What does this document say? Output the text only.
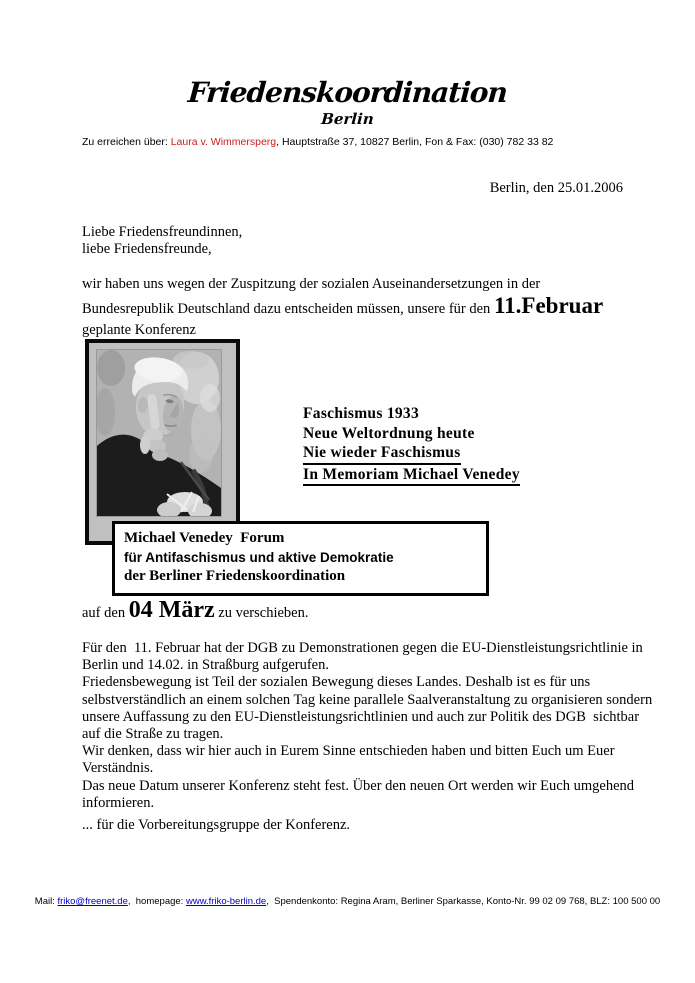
Friedenskoordination
Berlin
Zu erreichen über: Laura v. Wimmersperg, Hauptstraße 37, 10827 Berlin, Fon & Fax: (030) 782 33 82
Berlin, den 25.01.2006
Liebe Friedensfreundinnen,
liebe Friedensfreunde,
wir haben uns wegen der Zuspitzung der sozialen Auseinandersetzungen in der
Bundesrepublik Deutschland dazu entscheiden müssen, unsere für den 11.Februar
geplante Konferenz
Faschismus 1933
Neue Weltordnung heute
Nie wieder Faschismus
In Memoriam Michael Venedey
Michael Venedey  Forum
für Antifaschismus und aktive Demokratie
der Berliner Friedenskoordination
auf den 04 März zu verschieben.
Für den  11. Februar hat der DGB zu Demonstrationen gegen die EU-Dienstleistungsrichtlinie in Berlin und 14.02. in Straßburg aufgerufen.
Friedensbewegung ist Teil der sozialen Bewegung dieses Landes. Deshalb ist es für uns selbstverständlich an einem solchen Tag keine parallele Saalveranstaltung zu organisieren sondern unsere Auffassung zu den EU-Dienstleistungsrichtlinien und auch zur Politik des DGB  sichtbar auf die Straße zu tragen.
Wir denken, dass wir hier auch in Eurem Sinne entschieden haben und bitten Euch um Euer Verständnis.
Das neue Datum unserer Konferenz steht fest. Über den neuen Ort werden wir Euch umgehend informieren.
... für die Vorbereitungsgruppe der Konferenz.
Mail: friko@freenet.de,  homepage: www.friko-berlin.de,  Spendenkonto: Regina Aram, Berliner Sparkasse, Konto-Nr. 99 02 09 768, BLZ: 100 500 00
